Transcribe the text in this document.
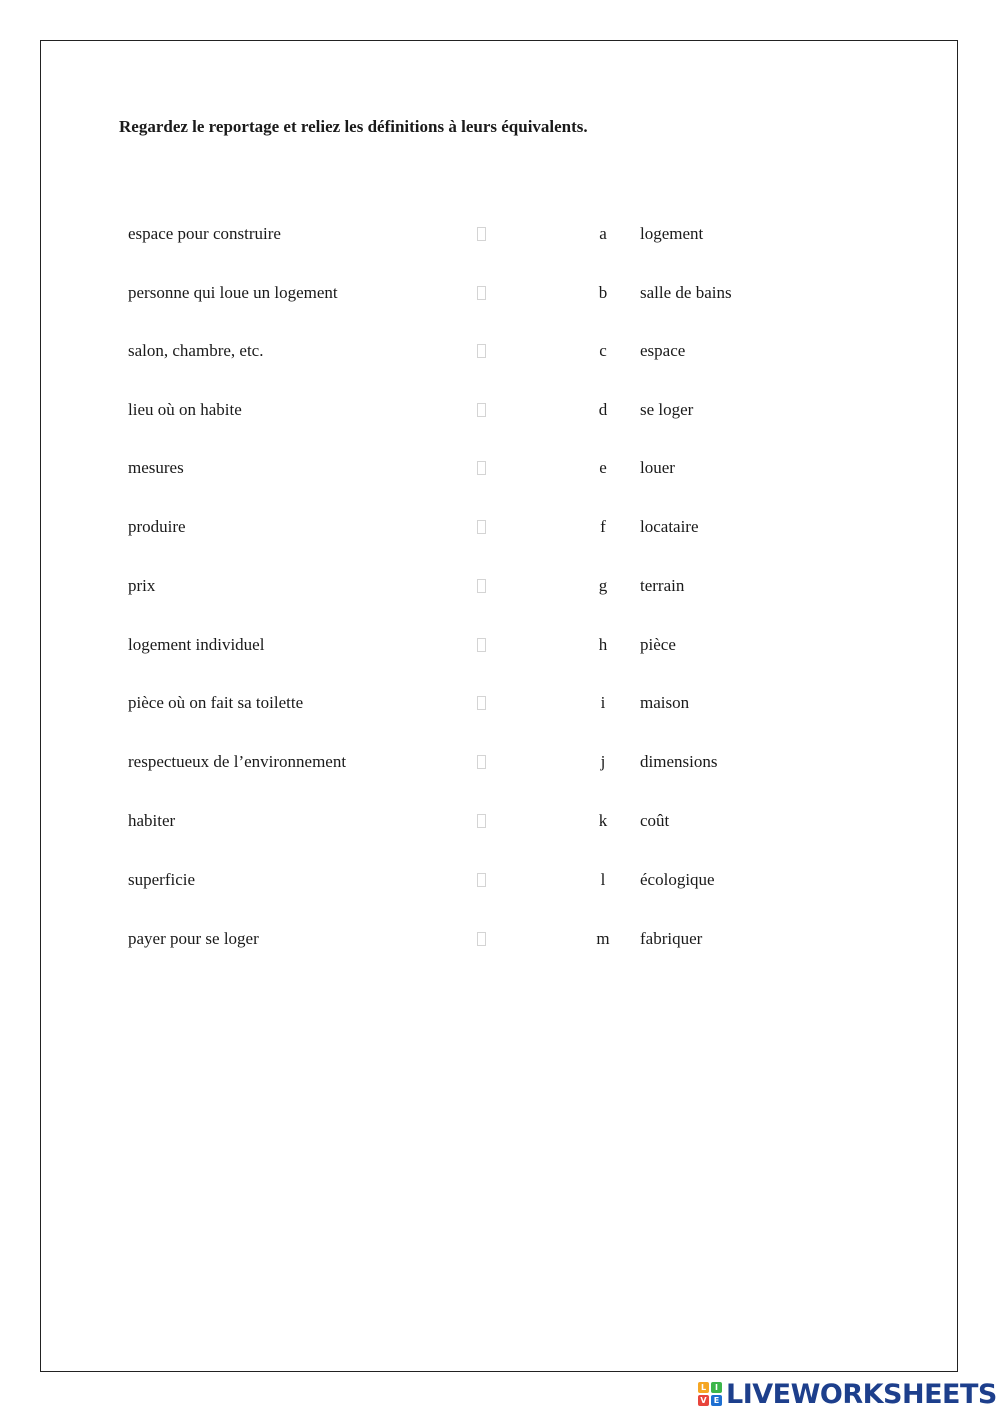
Regardez le reportage et reliez les définitions à leurs équivalents.
espace pour construire	a	logement
personne qui loue un logement	b	salle de bains
salon, chambre, etc.	c	espace
lieu où on habite	d	se loger
mesures	e	louer
produire	f	locataire
prix	g	terrain
logement individuel	h	pièce
pièce où on fait sa toilette	i	maison
respectueux de l’environnement	j	dimensions
habiter	k	coût
superficie	l	écologique
payer pour se loger	m	fabriquer
L	I
V E LIVEWORKSHEETS
